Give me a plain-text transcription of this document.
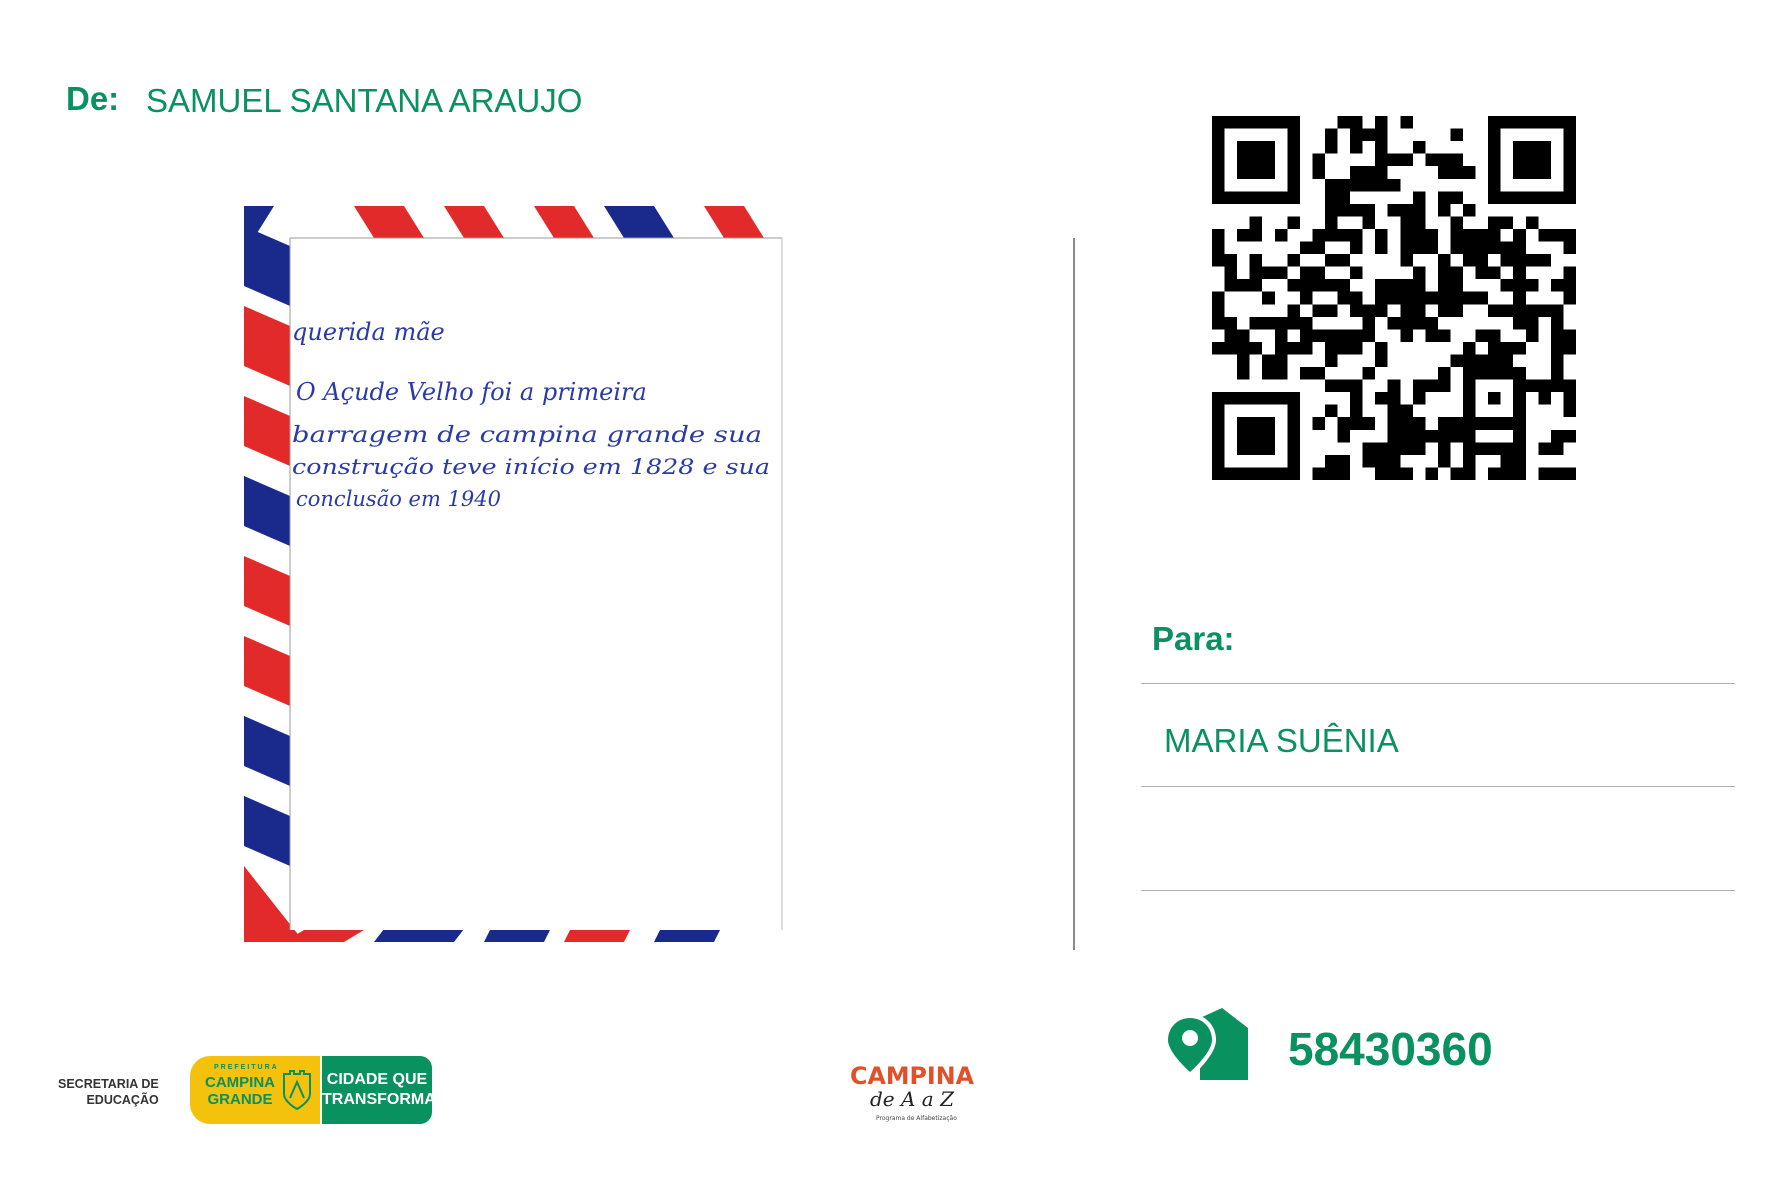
De: SAMUEL SANTANA ARAUJO
querida mãe
O Açude Velho foi a primeira
barragem de campina grande sua
construção teve início em 1828 e sua
conclusão em 1940
Para:
MARIA SUÊNIA
58430360
SECRETARIA DE
EDUCAÇÃO
PREFEITURA
CAMPINA
GRANDE
CIDADE QUE
TRANSFORMA
CAMPINA
de A a Z
Programa de Alfabetização
